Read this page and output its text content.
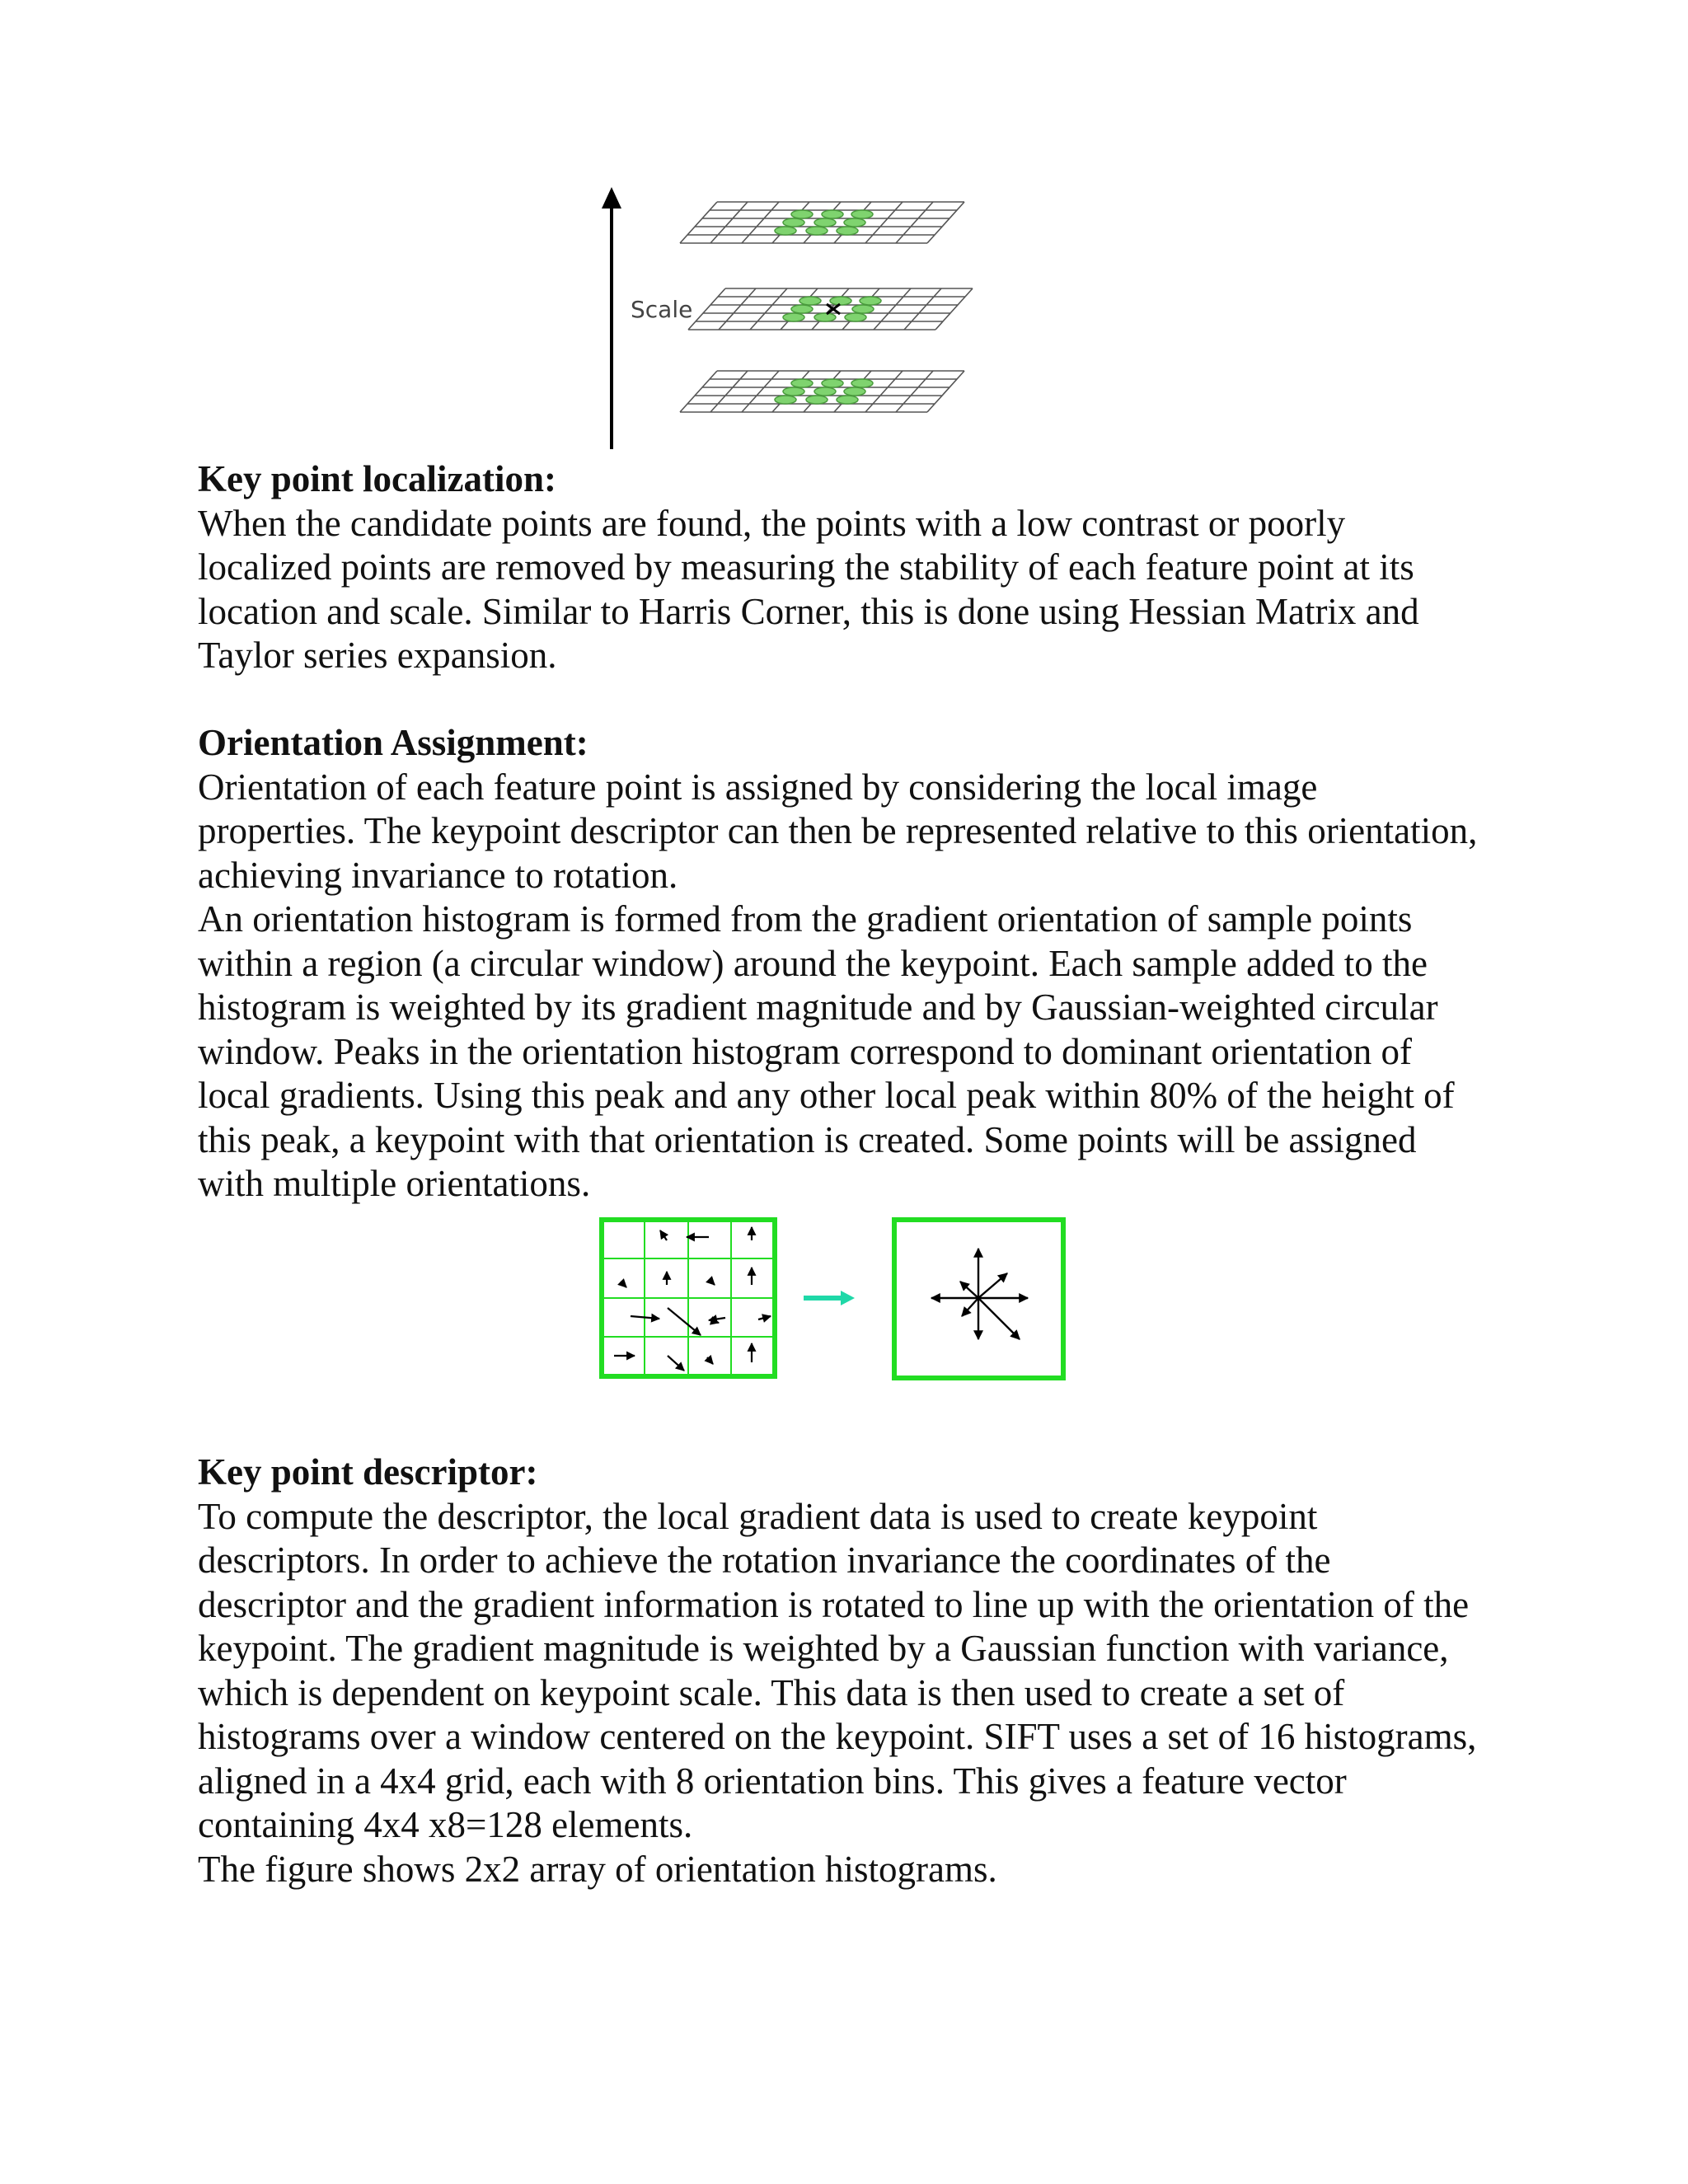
Scale
Key point localization:

When the candidate points are found, the points with a low contrast or poorly localized points are removed by measuring the stability of each feature point at its location and scale. Similar to Harris Corner, this is done using Hessian Matrix and Taylor series expansion.

Orientation Assignment:

Orientation of each feature point is assigned by considering the local image properties. The keypoint descriptor can then be represented relative to this orientation, achieving invariance to rotation.

An orientation histogram is formed from the gradient orientation of sample points within a region (a circular window) around the keypoint. Each sample added to the histogram is weighted by its gradient magnitude and by Gaussian-weighted circular window. Peaks in the orientation histogram correspond to dominant orientation of local gradients. Using this peak and any other local peak within 80% of the height of this peak, a keypoint with that orientation is created. Some points will be assigned with multiple orientations.

Key point descriptor:

To compute the descriptor, the local gradient data is used to create keypoint descriptors. In order to achieve the rotation invariance the coordinates of the descriptor and the gradient information is rotated to line up with the orientation of the keypoint. The gradient magnitude is weighted by a Gaussian function with variance, which is dependent on keypoint scale. This data is then used to create a set of histograms over a window centered on the keypoint. SIFT uses a set of 16 histograms, aligned in a 4x4 grid, each with 8 orientation bins. This gives a feature vector containing 4x4 x8=128 elements.

The figure shows 2x2 array of orientation histograms.
